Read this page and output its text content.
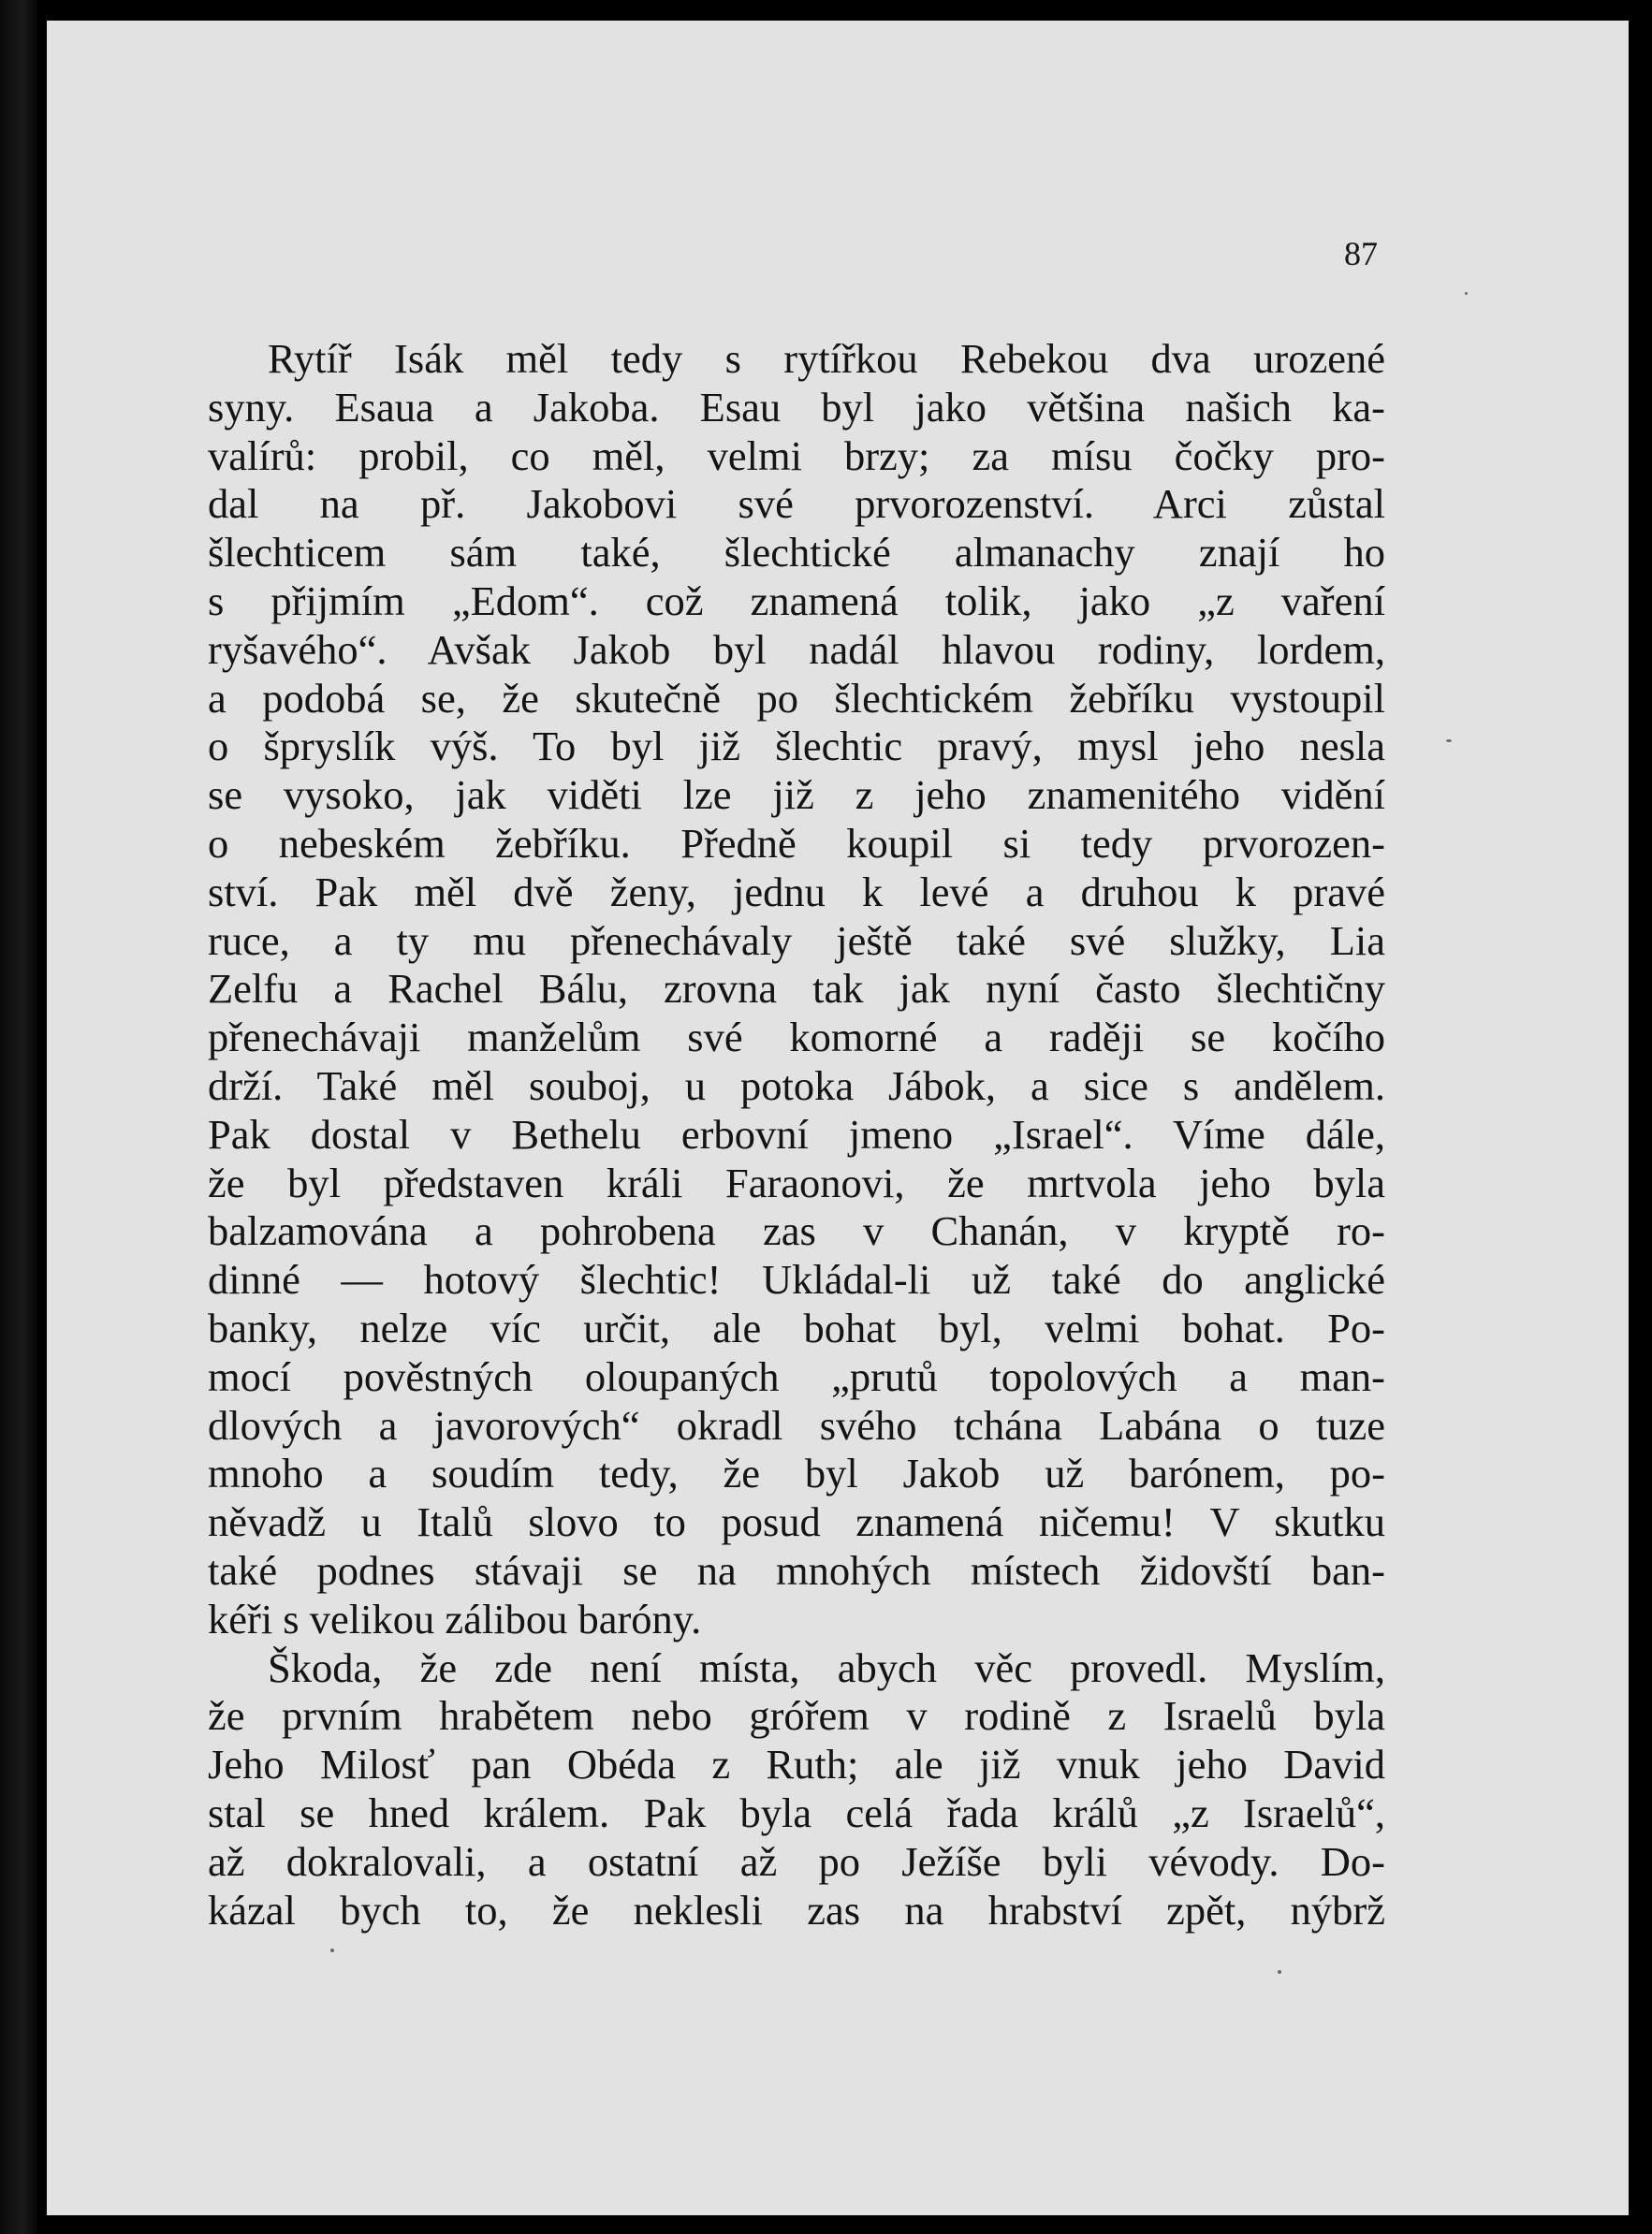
87

Rytíř Isák měl tedy s rytířkou Rebekou dva urozené
syny. Esaua a Jakoba. Esau byl jako většina našich ka-
valírů: probil, co měl, velmi brzy; za mísu čočky pro-
dal na př. Jakobovi své prvorozenství. Arci zůstal
šlechticem sám také, šlechtické almanachy znají ho
s přijmím „Edom“. což znamená tolik, jako „z vaření
ryšavého“. Avšak Jakob byl nadál hlavou rodiny, lordem,
a podobá se, že skutečně po šlechtickém žebříku vystoupil
o špryslík výš. To byl již šlechtic pravý, mysl jeho nesla
se vysoko, jak viděti lze již z jeho znamenitého vidění
o nebeském žebříku. Předně koupil si tedy prvorozen-
ství. Pak měl dvě ženy, jednu k levé a druhou k pravé
ruce, a ty mu přenechávaly ještě také své služky, Lia
Zelfu a Rachel Bálu, zrovna tak jak nyní často šlechtičny
přenechávaji manželům své komorné a raději se kočího
drží. Také měl souboj, u potoka Jábok, a sice s andělem.
Pak dostal v Bethelu erbovní jmeno „Israel“. Víme dále,
že byl představen králi Faraonovi, že mrtvola jeho byla
balzamována a pohrobena zas v Chanán, v kryptě ro-
dinné — hotový šlechtic! Ukládal-li už také do anglické
banky, nelze víc určit, ale bohat byl, velmi bohat. Po-
mocí pověstných oloupaných „prutů topolových a man-
dlových a javorových“ okradl svého tchána Labána o tuze
mnoho a soudím tedy, že byl Jakob už barónem, po-
něvadž u Italů slovo to posud znamená ničemu! V skutku
také podnes stávaji se na mnohých místech židovští ban-
kéři s velikou zálibou baróny.
Škoda, že zde není místa, abych věc provedl. Myslím,
že prvním hrabětem nebo gróřem v rodině z Israelů byla
Jeho Milosť pan Obéda z Ruth; ale již vnuk jeho David
stal se hned králem. Pak byla celá řada králů „z Israelů“,
až dokralovali, a ostatní až po Ježíše byli vévody. Do-
kázal bych to, že neklesli zas na hrabství zpět, nýbrž
